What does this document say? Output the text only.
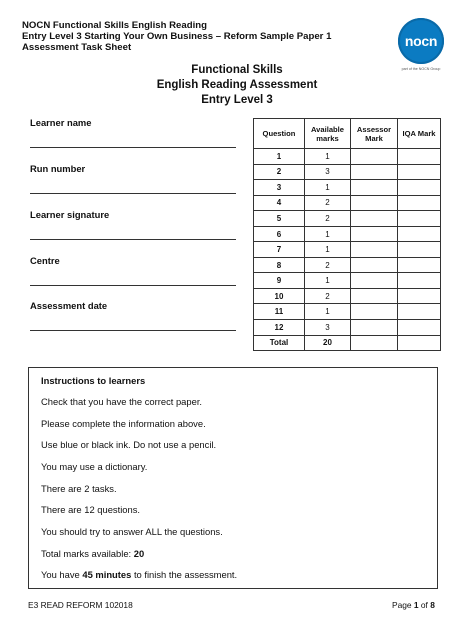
NOCN Functional Skills English Reading
Entry Level 3 Starting Your Own Business – Reform Sample Paper 1
Assessment Task Sheet	nocn
part of the NOCN Group
Functional Skills
English Reading Assessment
Entry Level 3
Learner name
Run number
Learner signature
Centre
Assessment date
Question	Available marks	Assessor Mark	IQA Mark
1	1		
2	3		
3	1		
4	2		
5	2		
6	1		
7	1		
8	2		
9	1		
10	2		
11	1		
12	3		
Total	20		
Instructions to learners
Check that you have the correct paper.
Please complete the information above.
Use blue or black ink. Do not use a pencil.
You may use a dictionary.
There are 2 tasks.
There are 12 questions.
You should try to answer ALL the questions.
Total marks available: 20
You have 45 minutes to finish the assessment.
E3 READ REFORM 102018	Page 1 of 8
